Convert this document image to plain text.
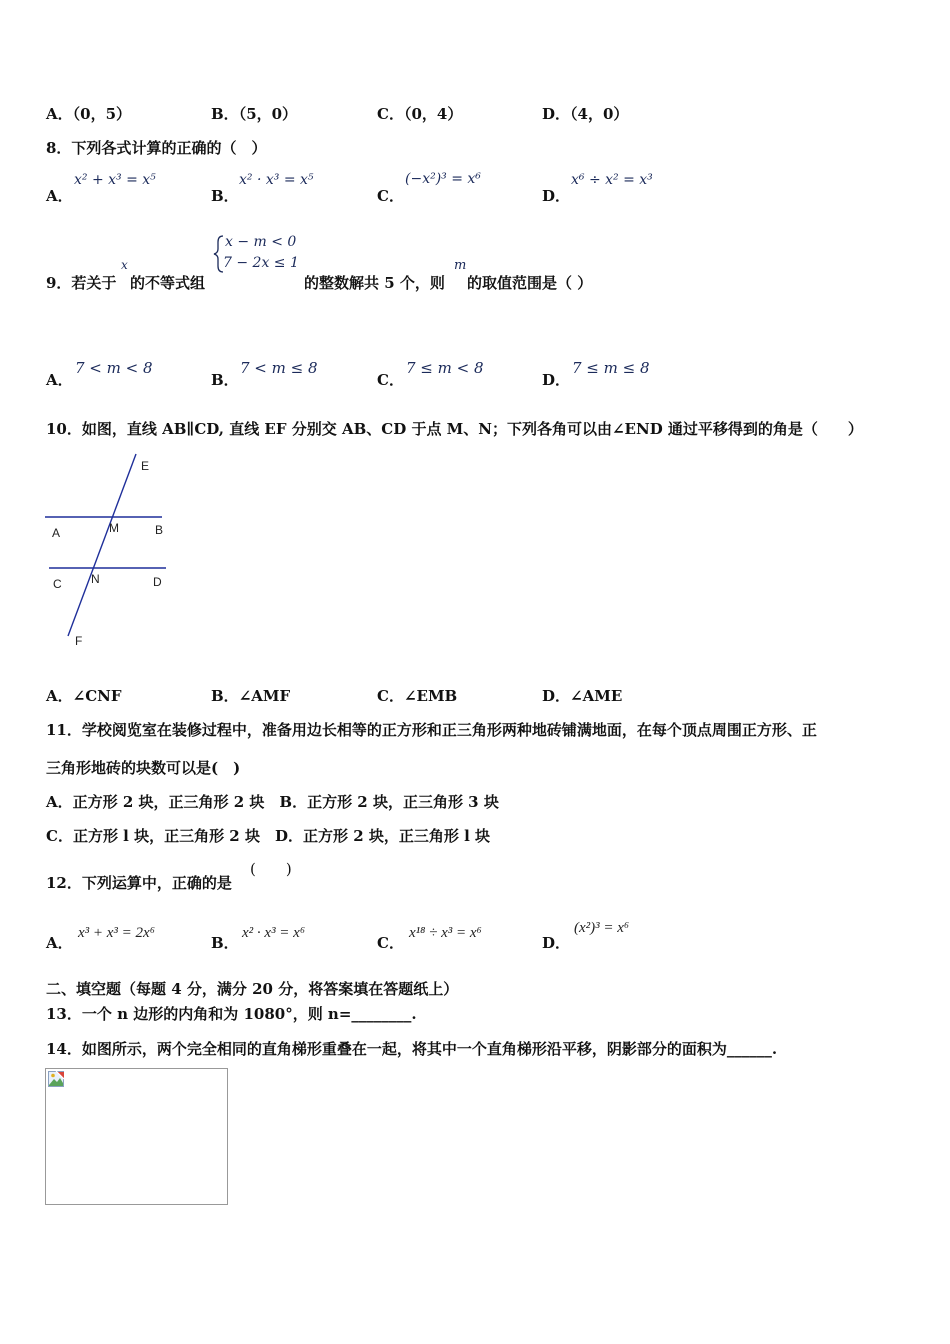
A．（0，5）	B．（5，0）	C．（0，4）	D．（4，0）
8．下列各式计算的正确的（　）
A．
x² + x³ = x⁵
B．
x² · x³ = x⁵
C．
(−x²)³ = x⁶
D．
x⁶ ÷ x² = x³
9．若关于
x
的不等式组
x − m < 0
7 − 2x ≤ 1
的整数解共 5 个，则
m
的取值范围是（ ）
A．
7 < m < 8
B．
7 < m ≤ 8
C．
7 ≤ m < 8
D．
7 ≤ m ≤ 8
10．如图，直线 AB∥CD, 直线 EF 分别交 AB、CD 于点 M、N；下列各角可以由∠END 通过平移得到的角是（　　）
E
A	M	B
C N	D
F
A．∠CNF	B．∠AMF	C．∠EMB	D．∠AME
11．学校阅览室在装修过程中，准备用边长相等的正方形和正三角形两种地砖铺满地面，在每个顶点周围正方形、正
三角形地砖的块数可以是(　)
A．正方形 2 块，正三角形 2 块　B．正方形 2 块，正三角形 3 块
C．正方形 l 块，正三角形 2 块　D．正方形 2 块，正三角形 l 块
12．下列运算中，正确的是
(　　)
A．
x³ + x³ = 2x⁶
B．
x² · x³ = x⁶
C．
x¹⁸ ÷ x³ = x⁶
D．
(x²)³ = x⁶
二、填空题（每题 4 分，满分 20 分，将答案填在答题纸上）
13．一个 n 边形的内角和为 1080°，则 n=________.
14．如图所示，两个完全相同的直角梯形重叠在一起，将其中一个直角梯形沿平移，阴影部分的面积为______.
